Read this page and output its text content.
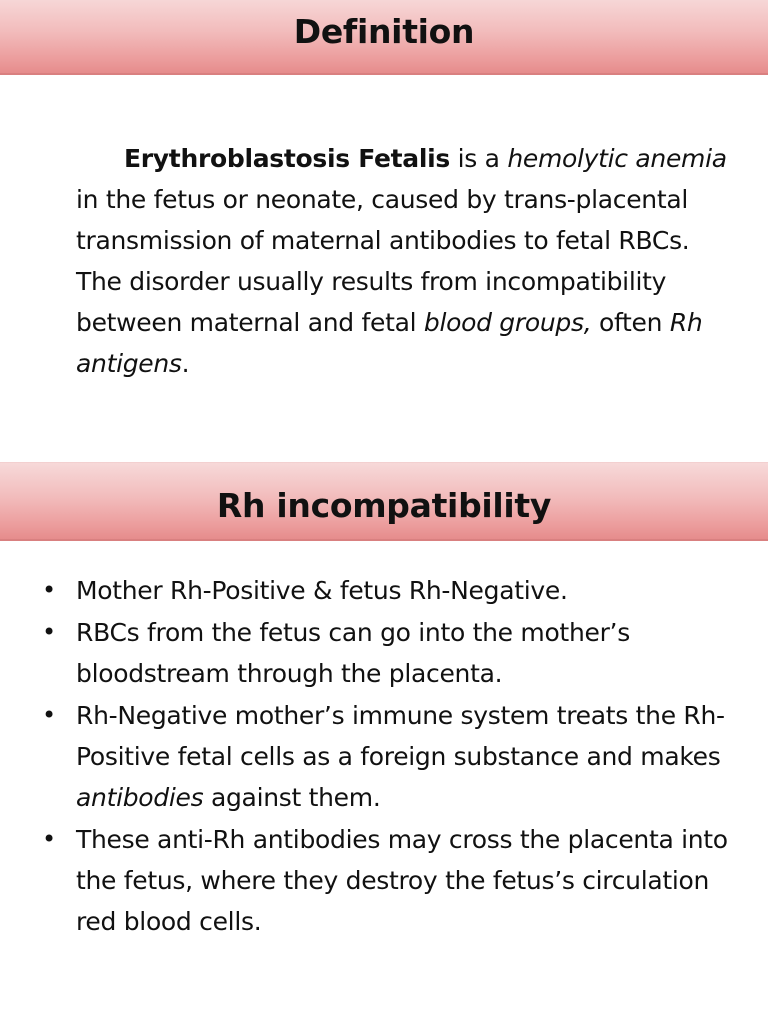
Definition
Erythroblastosis Fetalis is a hemolytic anemia in the fetus or neonate, caused by trans-placental transmission of maternal antibodies to fetal RBCs. The disorder usually results from incompatibility between maternal and fetal blood groups, often Rh antigens.
Rh incompatibility
• Mother Rh-Positive & fetus Rh-Negative.
• RBCs from the fetus can go into the mother’s bloodstream through the placenta.
• Rh-Negative mother’s immune system treats the Rh-Positive fetal cells as a foreign substance and makes antibodies against them.
• These anti-Rh antibodies may cross the placenta into the fetus, where they destroy the fetus’s circulation red blood cells.
